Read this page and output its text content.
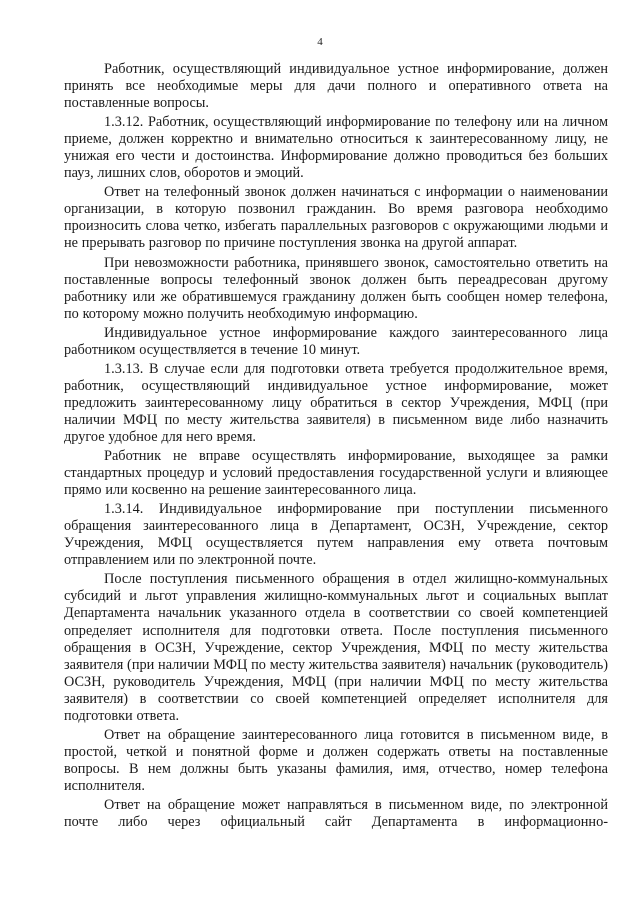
4

Работник, осуществляющий индивидуальное устное информирование, должен принять все необходимые меры для дачи полного и оперативного ответа на поставленные вопросы.

1.3.12. Работник, осуществляющий информирование по телефону или на личном приеме, должен корректно и внимательно относиться к заинтересованному лицу, не унижая его чести и достоинства. Информирование должно проводиться без больших пауз, лишних слов, оборотов и эмоций.

Ответ на телефонный звонок должен начинаться с информации о наименовании организации, в которую позвонил гражданин. Во время разговора необходимо произносить слова четко, избегать параллельных разговоров с окружающими людьми и не прерывать разговор по причине поступления звонка на другой аппарат.

При невозможности работника, принявшего звонок, самостоятельно ответить на поставленные вопросы телефонный звонок должен быть переадресован другому работнику или же обратившемуся гражданину должен быть сообщен номер телефона, по которому можно получить необходимую информацию.

Индивидуальное устное информирование каждого заинтересованного лица работником осуществляется в течение 10 минут.

1.3.13. В случае если для подготовки ответа требуется продолжительное время, работник, осуществляющий индивидуальное устное информирование, может предложить заинтересованному лицу обратиться в сектор Учреждения, МФЦ (при наличии МФЦ по месту жительства заявителя) в письменном виде либо назначить другое удобное для него время.

Работник не вправе осуществлять информирование, выходящее за рамки стандартных процедур и условий предоставления государственной услуги и влияющее прямо или косвенно на решение заинтересованного лица.

1.3.14. Индивидуальное информирование при поступлении письменного обращения заинтересованного лица в Департамент, ОСЗН, Учреждение, сектор Учреждения, МФЦ осуществляется путем направления ему ответа почтовым отправлением или по электронной почте.

После поступления письменного обращения в отдел жилищно-коммунальных субсидий и льгот управления жилищно-коммунальных льгот и социальных выплат Департамента начальник указанного отдела в соответствии со своей компетенцией определяет исполнителя для подготовки ответа. После поступления письменного обращения в ОСЗН, Учреждение, сектор Учреждения, МФЦ по месту жительства заявителя (при наличии МФЦ по месту жительства заявителя) начальник (руководитель) ОСЗН, руководитель Учреждения, МФЦ (при наличии МФЦ по месту жительства заявителя) в соответствии со своей компетенцией определяет исполнителя для подготовки ответа.

Ответ на обращение заинтересованного лица готовится в письменном виде, в простой, четкой и понятной форме и должен содержать ответы на поставленные вопросы. В нем должны быть указаны фамилия, имя, отчество, номер телефона исполнителя.

Ответ на обращение может направляться в письменном виде, по электронной почте либо через официальный сайт Департамента в информационно-
